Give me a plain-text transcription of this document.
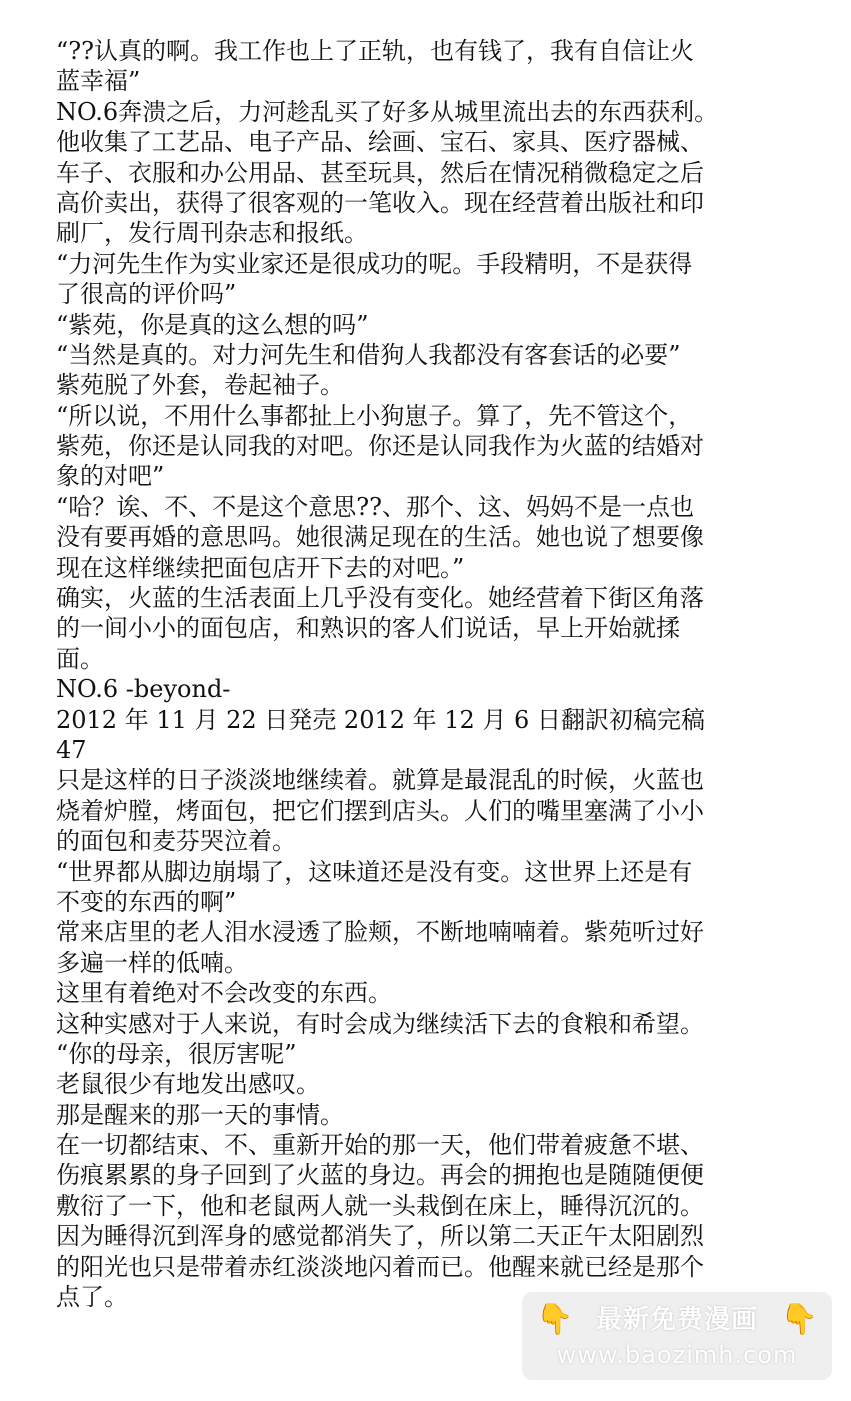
“??认真的啊。我工作也上了正轨，也有钱了，我有自信让火
蓝幸福”
NO.6奔溃之后，力河趁乱买了好多从城里流出去的东西获利。
他收集了工艺品、电子产品、绘画、宝石、家具、医疗器械、
车子、衣服和办公用品、甚至玩具，然后在情况稍微稳定之后
高价卖出，获得了很客观的一笔收入。现在经营着出版社和印
刷厂，发行周刊杂志和报纸。
“力河先生作为实业家还是很成功的呢。手段精明，不是获得
了很高的评价吗”
“紫苑，你是真的这么想的吗”
“当然是真的。对力河先生和借狗人我都没有客套话的必要”
紫苑脱了外套，卷起袖子。
“所以说，不用什么事都扯上小狗崽子。算了，先不管这个，
紫苑，你还是认同我的对吧。你还是认同我作为火蓝的结婚对
象的对吧”
“哈？诶、不、不是这个意思??、那个、这、妈妈不是一点也
没有要再婚的意思吗。她很满足现在的生活。她也说了想要像
现在这样继续把面包店开下去的对吧。”
确实，火蓝的生活表面上几乎没有变化。她经营着下街区角落
的一间小小的面包店，和熟识的客人们说话，早上开始就揉
面。
NO.6 -beyond-
2012 年 11 月 22 日発売 2012 年 12 月 6 日翻訳初稿完稿
47
只是这样的日子淡淡地继续着。就算是最混乱的时候，火蓝也
烧着炉膛，烤面包，把它们摆到店头。人们的嘴里塞满了小小
的面包和麦芬哭泣着。
“世界都从脚边崩塌了，这味道还是没有变。这世界上还是有
不变的东西的啊”
常来店里的老人泪水浸透了脸颊，不断地喃喃着。紫苑听过好
多遍一样的低喃。
这里有着绝对不会改变的东西。
这种实感对于人来说，有时会成为继续活下去的食粮和希望。
“你的母亲，很厉害呢”
老鼠很少有地发出感叹。
那是醒来的那一天的事情。
在一切都结束、不、重新开始的那一天，他们带着疲惫不堪、
伤痕累累的身子回到了火蓝的身边。再会的拥抱也是随随便便
敷衍了一下，他和老鼠两人就一头栽倒在床上，睡得沉沉的。
因为睡得沉到浑身的感觉都消失了，所以第二天正午太阳剧烈
的阳光也只是带着赤红淡淡地闪着而已。他醒来就已经是那个
点了。
👇 最新免费漫画 👇
www.baozimh.com
